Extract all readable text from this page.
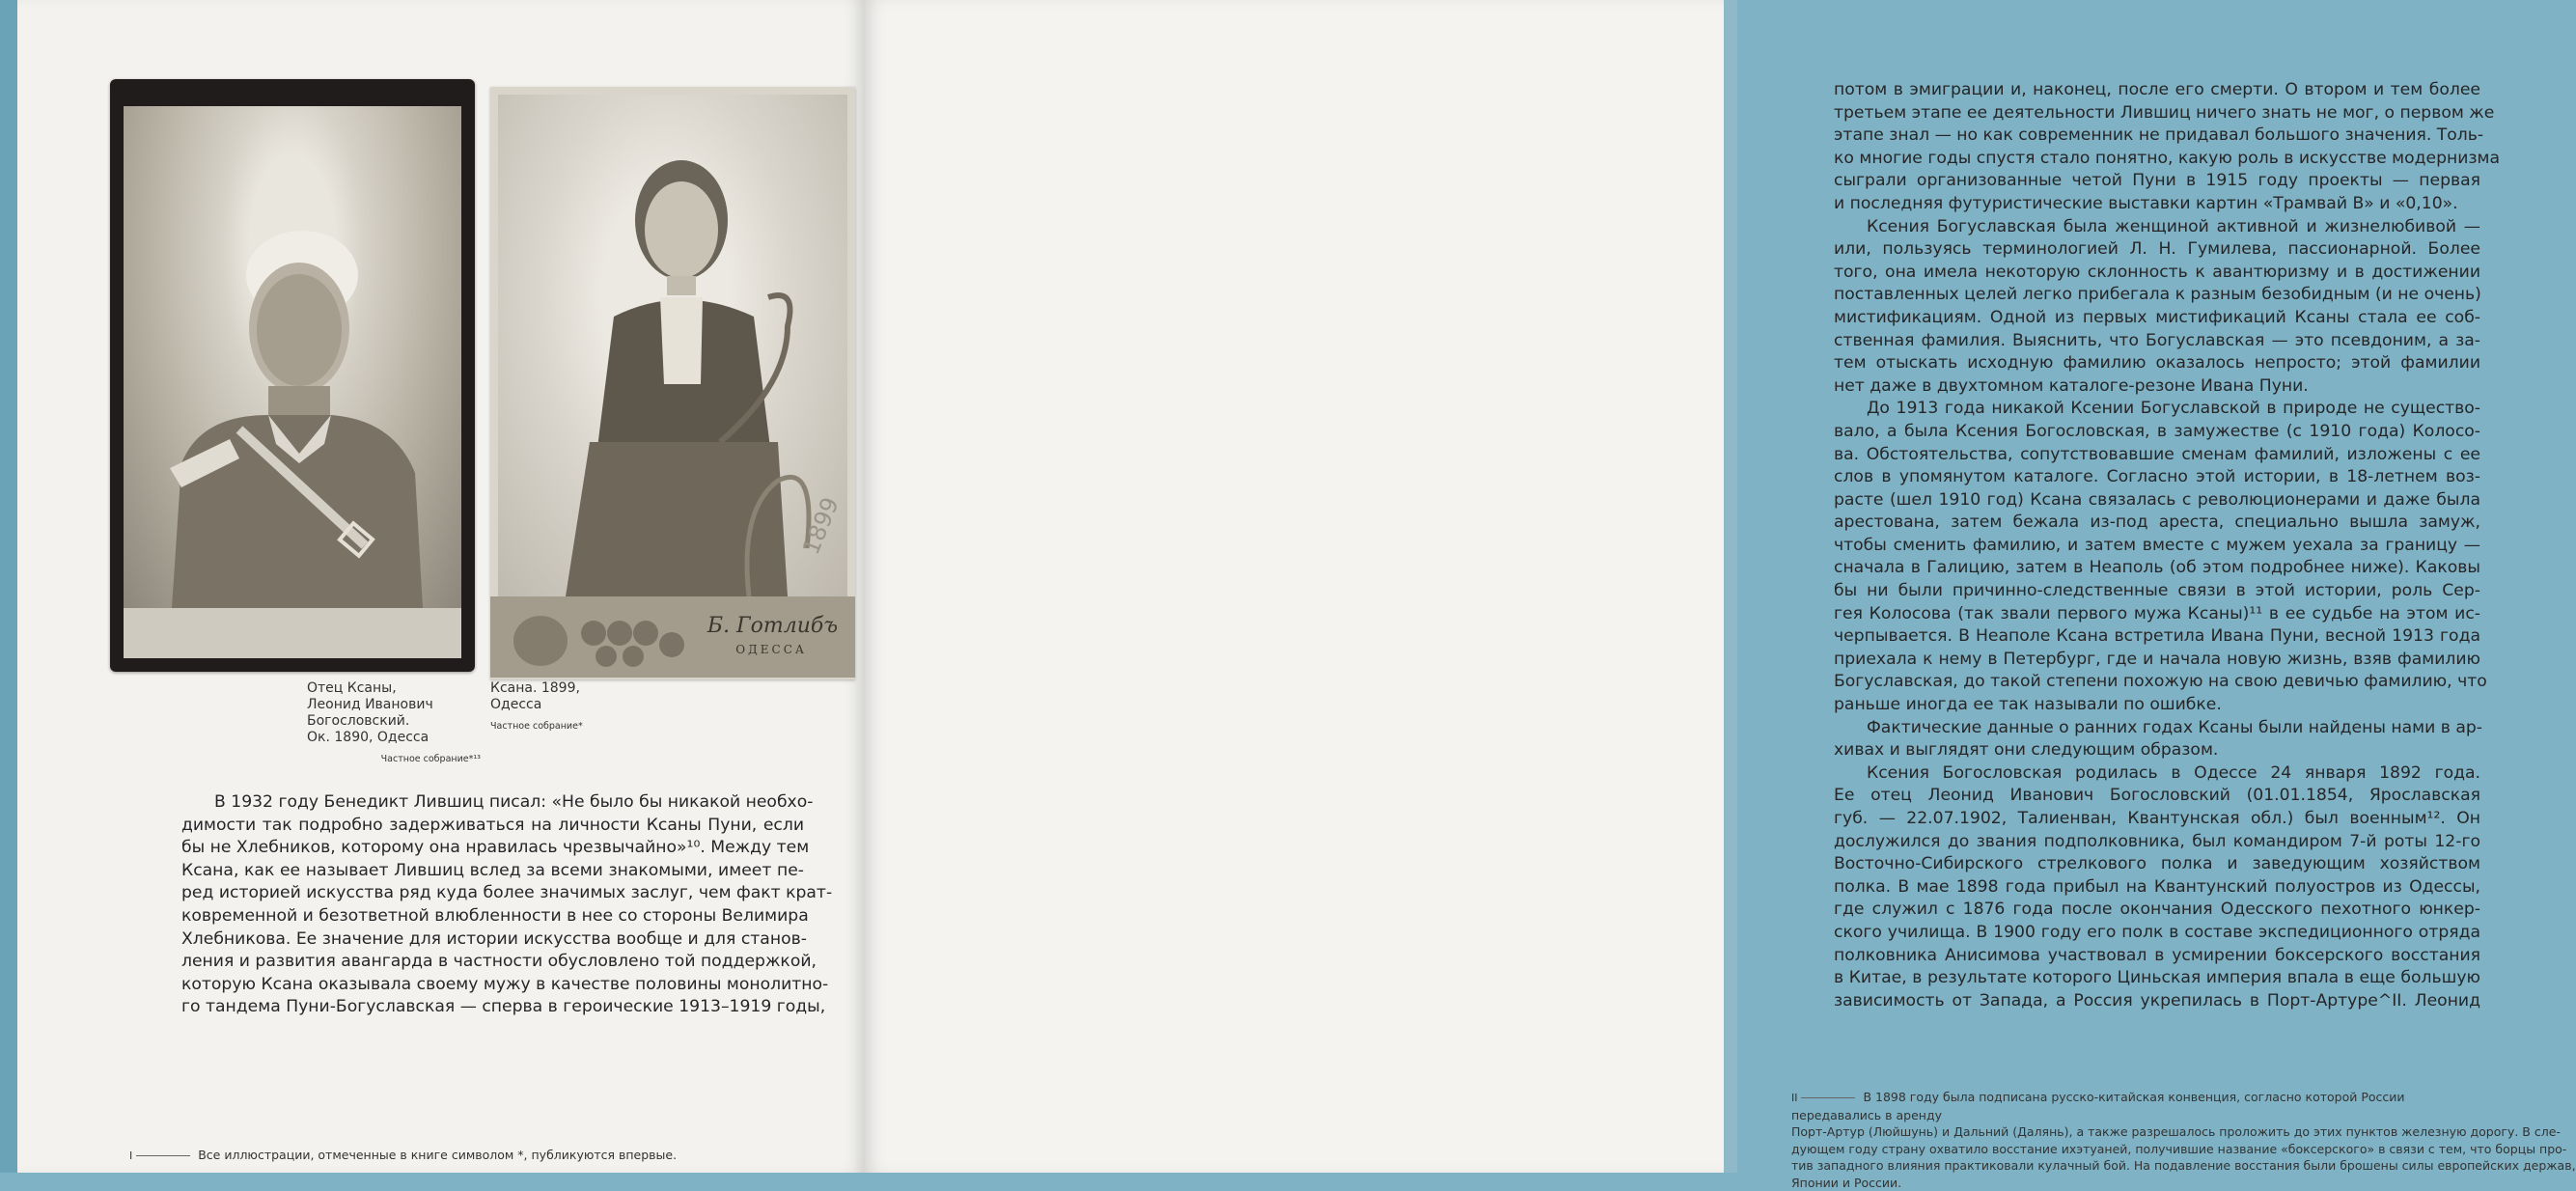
1899
Б. Готлибъ
ОДЕССА
Отец Ксаны,
Леонид Иванович
Богословский.
Ок. 1890, Одесса
Частное собрание*¹³
Ксана. 1899,
Одесса
Частное собрание*

В 1932 году Бенедикт Лившиц писал: «Не было бы никакой необхо-
димости так подробно задерживаться на личности Ксаны Пуни, если
бы не Хлебников, которому она нравилась чрезвычайно»¹⁰. Между тем
Ксана, как ее называет Лившиц вслед за всеми знакомыми, имеет пе-
ред историей искусства ряд куда более значимых заслуг, чем факт крат-
ковременной и безответной влюбленности в нее со стороны Велимира
Хлебникова. Ее значение для истории искусства вообще и для станов-
ления и развития авангарда в частности обусловлено той поддержкой,
которую Ксана оказывала своему мужу в качестве половины монолитно-
го тандема Пуни-Богуславская — сперва в героические 1913–1919 годы,

I	Все иллюстрации, отмеченные в книге символом *, публикуются впервые.

потом в эмиграции и, наконец, после его смерти. О втором и тем более
третьем этапе ее деятельности Лившиц ничего знать не мог, о первом же
этапе знал — но как современник не придавал большого значения. Толь-
ко многие годы спустя стало понятно, какую роль в искусстве модернизма
сыграли организованные четой Пуни в 1915 году проекты — первая
и последняя футуристические выставки картин «Трамвай В» и «0,10».

Ксения Богуславская была женщиной активной и жизнелюбивой —
или, пользуясь терминологией Л. Н. Гумилева, пассионарной. Более
того, она имела некоторую склонность к авантюризму и в достижении
поставленных целей легко прибегала к разным безобидным (и не очень)
мистификациям. Одной из первых мистификаций Ксаны стала ее соб-
ственная фамилия. Выяснить, что Богуславская — это псевдоним, а за-
тем отыскать исходную фамилию оказалось непросто; этой фамилии
нет даже в двухтомном каталоге-резоне Ивана Пуни.

До 1913 года никакой Ксении Богуславской в природе не существо-
вало, а была Ксения Богословская, в замужестве (с 1910 года) Колосо-
ва. Обстоятельства, сопутствовавшие сменам фамилий, изложены с ее
слов в упомянутом каталоге. Согласно этой истории, в 18-летнем воз-
расте (шел 1910 год) Ксана связалась с революционерами и даже была
арестована, затем бежала из-под ареста, специально вышла замуж,
чтобы сменить фамилию, и затем вместе с мужем уехала за границу —
сначала в Галицию, затем в Неаполь (об этом подробнее ниже). Каковы
бы ни были причинно-следственные связи в этой истории, роль Сер-
гея Колосова (так звали первого мужа Ксаны)¹¹ в ее судьбе на этом ис-
черпывается. В Неаполе Ксана встретила Ивана Пуни, весной 1913 года
приехала к нему в Петербург, где и начала новую жизнь, взяв фамилию
Богуславская, до такой степени похожую на свою девичью фамилию, что
раньше иногда ее так называли по ошибке.

Фактические данные о ранних годах Ксаны были найдены нами в ар-
хивах и выглядят они следующим образом.

Ксения Богословская родилась в Одессе 24 января 1892 года.
Ее отец Леонид Иванович Богословский (01.01.1854, Ярославская
губ. — 22.07.1902, Талиенван, Квантунская обл.) был военным¹². Он
дослужился до звания подполковника, был командиром 7-й роты 12-го
Восточно-Сибирского стрелкового полка и заведующим хозяйством
полка. В мае 1898 года прибыл на Квантунский полуостров из Одессы,
где служил с 1876 года после окончания Одесского пехотного юнкер-
ского училища. В 1900 году его полк в составе экспедиционного отряда
полковника Анисимова участвовал в усмирении боксерского восстания
в Китае, в результате которого Циньская империя впала в еще большую
зависимость от Запада, а Россия укрепилась в Порт-Артуре^II. Леонид

II	В 1898 году была подписана русско-китайская конвенция, согласно которой России передавались в аренду
Порт-Артур (Люйшунь) и Дальний (Далянь), а также разрешалось проложить до этих пунктов железную дорогу. В сле-
дующем году страну охватило восстание ихэтуаней, получившие название «боксерского» в связи с тем, что борцы про-
тив западного влияния практиковали кулачный бой. На подавление восстания были брошены силы европейских держав,
Японии и России.
